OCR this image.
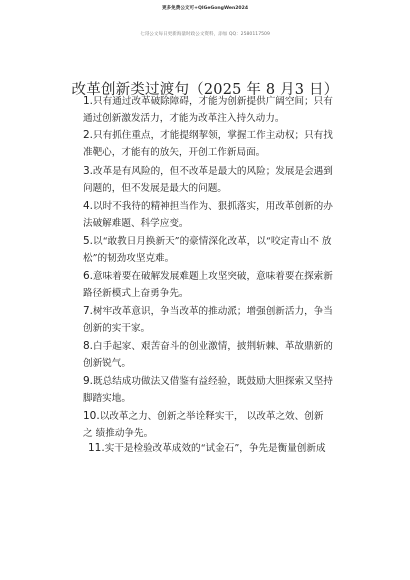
更多免费公文可+QIGeGongWen2024
七哥公文每日更新海量时政公文资料，添加 QQ：2580117509
改革创新类过渡句（2025 年 8 月3 日）
1.只有通过改革破除障碍，才能为创新提供广阔空间；只有
通过创新激发活力，才能为改革注入持久动力。
2.只有抓住重点，才能提纲挈领，掌握工作主动权；只有找
准靶心，才能有的放矢，开创工作新局面。
3.改革是有风险的，但不改革是最大的风险；发展是会遇到
问题的，但不发展是最大的问题。
4.以时不我待的精神担当作为、狠抓落实，用改革创新的办
法破解难题、科学应变。
5.以“敢教日月换新天”的豪情深化改革，以“咬定青山不 放
松”的韧劲攻坚克难。
6.意味着要在破解发展难题上攻坚突破，意味着要在探索新
路径新模式上奋勇争先。
7.树牢改革意识，争当改革的推动派；增强创新活力，争当
创新的实干家。
8.白手起家、艰苦奋斗的创业激情，披荆斩棘、革故鼎新的
创新锐气。
9.既总结成功做法又借鉴有益经验，既鼓励大胆探索又坚持
脚踏实地。
10.以改革之力、创新之举诠释实干， 以改革之效、创新
之 绩推动争先。
11.实干是检验改革成效的“试金石”，争先是衡量创新成
